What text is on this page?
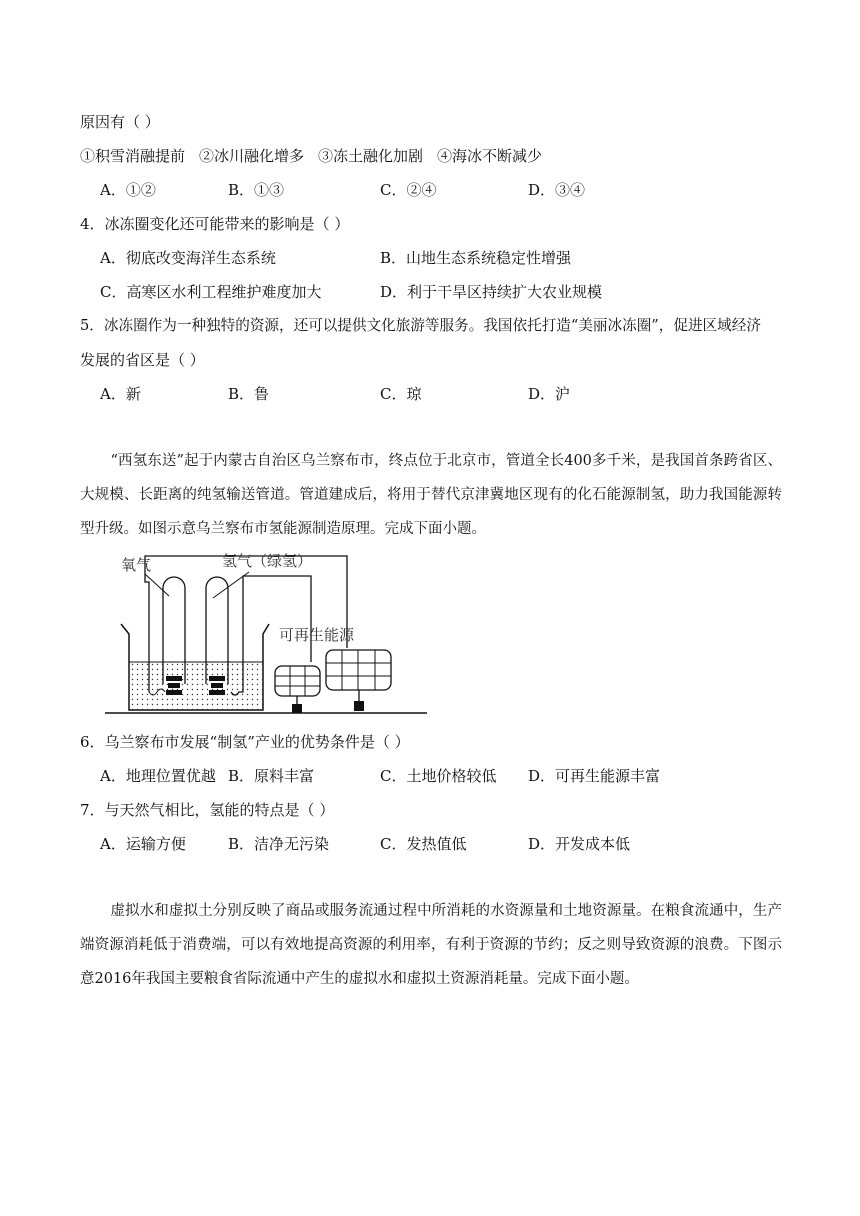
原因有（ ）
①积雪消融提前 ②冰川融化增多 ③冻土融化加剧 ④海冰不断减少
A．①②	B．①③	C．②④	D．③④
4．冰冻圈变化还可能带来的影响是（ ）
A．彻底改变海洋生态系统	B．山地生态系统稳定性增强
C．高寒区水利工程维护难度加大	D．利于干旱区持续扩大农业规模
5．冰冻圈作为一种独特的资源，还可以提供文化旅游等服务。我国依托打造“美丽冰冻圈”，促进区域经济
发展的省区是（ ）
A．新	B．鲁	C．琼	D．沪
“西氢东送”起于内蒙古自治区乌兰察布市，终点位于北京市，管道全长400多千米，是我国首条跨省区、大规模、长距离的纯氢输送管道。管道建成后，将用于替代京津冀地区现有的化石能源制氢，助力我国能源转型升级。如图示意乌兰察布市氢能源制造原理。完成下面小题。
氧气	氢气（绿氢）
可再生能源
6．乌兰察布市发展“制氢”产业的优势条件是（ ）
A．地理位置优越 B．原料丰富	C．土地价格较低 D．可再生能源丰富
7．与天然气相比，氢能的特点是（ ）
A．运输方便	B．洁净无污染	C．发热值低	D．开发成本低
虚拟水和虚拟土分别反映了商品或服务流通过程中所消耗的水资源量和土地资源量。在粮食流通中，生产端资源消耗低于消费端，可以有效地提高资源的利用率，有利于资源的节约；反之则导致资源的浪费。下图示意2016年我国主要粮食省际流通中产生的虚拟水和虚拟土资源消耗量。完成下面小题。
